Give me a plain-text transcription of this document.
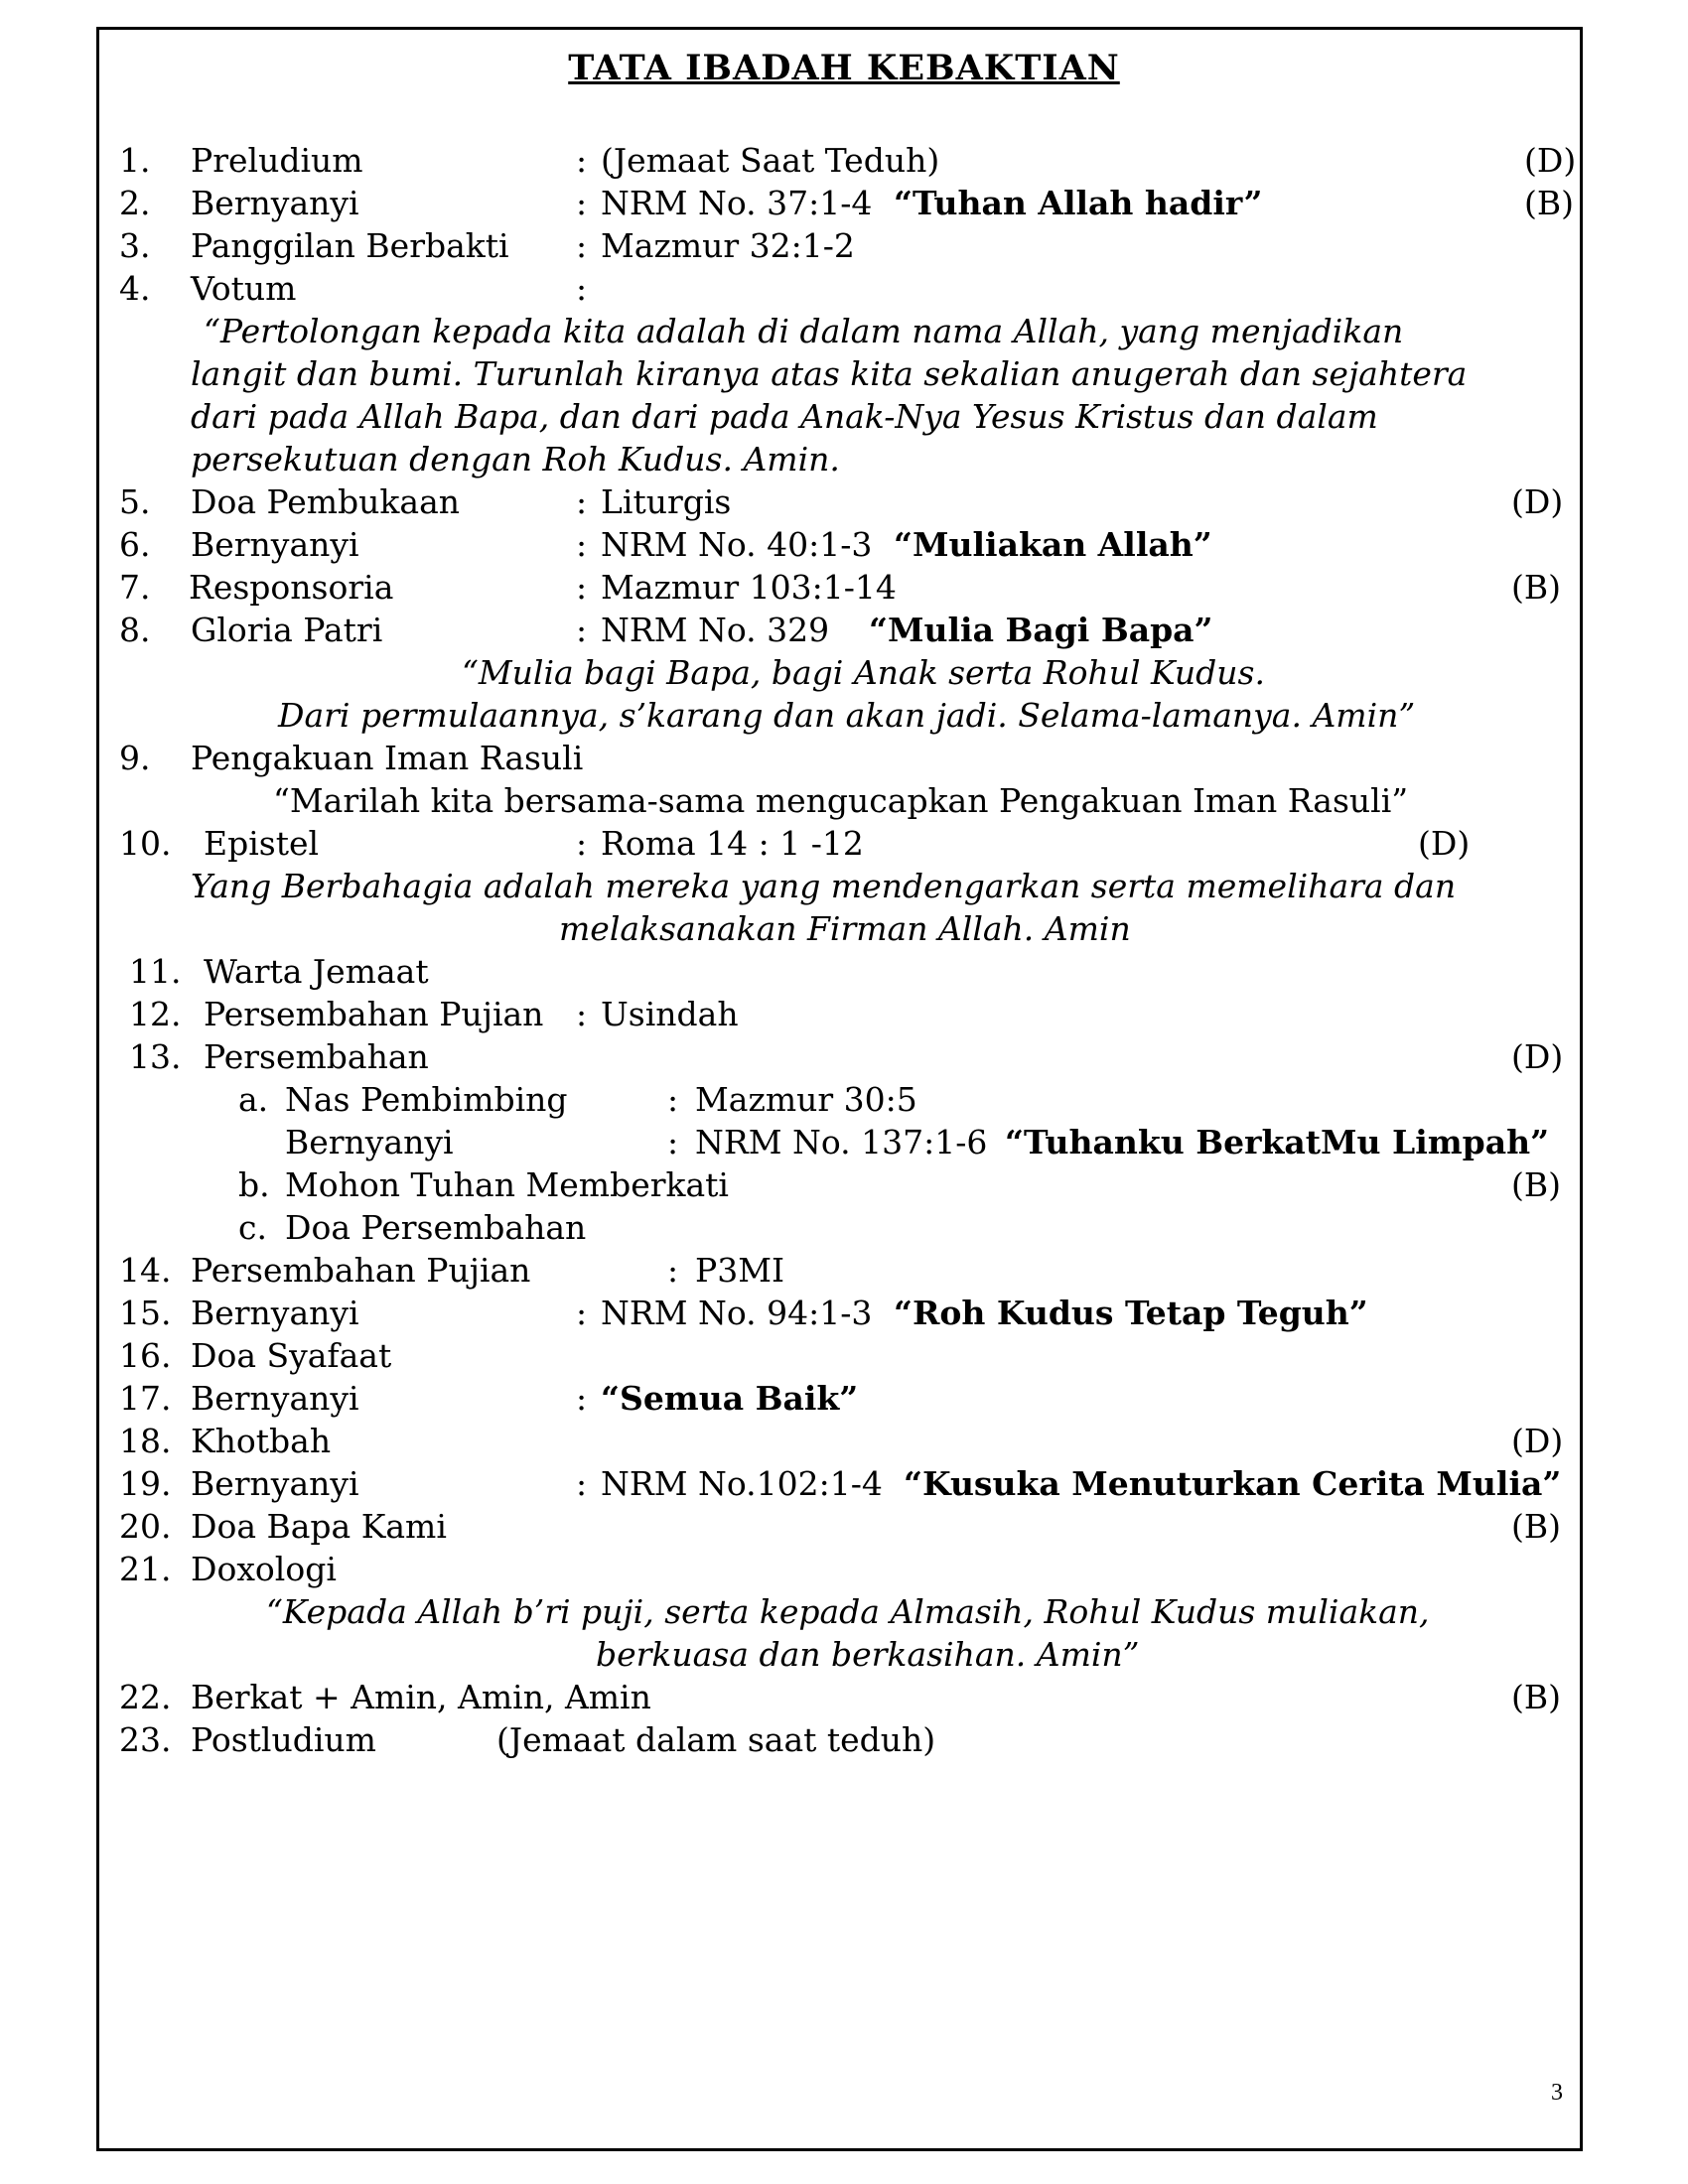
TATA IBADAH KEBAKTIAN
1. Preludium	: (Jemaat Saat Teduh)	(D)
2. Bernyanyi	: NRM No. 37:1-4 “Tuhan Allah hadir”	(B)
3. Panggilan Berbakti : Mazmur 32:1-2
4. Votum	:
“Pertolongan kepada kita adalah di dalam nama Allah, yang menjadikan
langit dan bumi. Turunlah kiranya atas kita sekalian anugerah dan sejahtera
dari pada Allah Bapa, dan dari pada Anak-Nya Yesus Kristus dan dalam
persekutuan dengan Roh Kudus. Amin.
5. Doa Pembukaan	: Liturgis	(D)
6. Bernyanyi	: NRM No. 40:1-3 “Muliakan Allah”
7. Responsoria	: Mazmur 103:1-14	(B)
8. Gloria Patri	: NRM No. 329 “Mulia Bagi Bapa”
“Mulia bagi Bapa, bagi Anak serta Rohul Kudus.
Dari permulaannya, s’karang dan akan jadi. Selama-lamanya. Amin”
9. Pengakuan Iman Rasuli
“Marilah kita bersama-sama mengucapkan Pengakuan Iman Rasuli”
10. Epistel	: Roma 14 : 1 -12	(D)
Yang Berbahagia adalah mereka yang mendengarkan serta memelihara dan
melaksanakan Firman Allah. Amin
11. Warta Jemaat
12. Persembahan Pujian : Usindah
13. Persembahan	(D)
a. Nas Pembimbing	: Mazmur 30:5
Bernyanyi	: NRM No. 137:1-6 “Tuhanku BerkatMu Limpah”
b. Mohon Tuhan Memberkati	(B)
c. Doa Persembahan
14. Persembahan Pujian	: P3MI
15. Bernyanyi	: NRM No. 94:1-3 “Roh Kudus Tetap Teguh”
16. Doa Syafaat
17. Bernyanyi	: “Semua Baik”
18. Khotbah	(D)
19. Bernyanyi	: NRM No.102:1-4 “Kusuka Menuturkan Cerita Mulia”
20. Doa Bapa Kami	(B)
21. Doxologi
“Kepada Allah b’ri puji, serta kepada Almasih, Rohul Kudus muliakan,
berkuasa dan berkasihan. Amin”
22. Berkat + Amin, Amin, Amin	(B)
23. Postludium	(Jemaat dalam saat teduh)
3
